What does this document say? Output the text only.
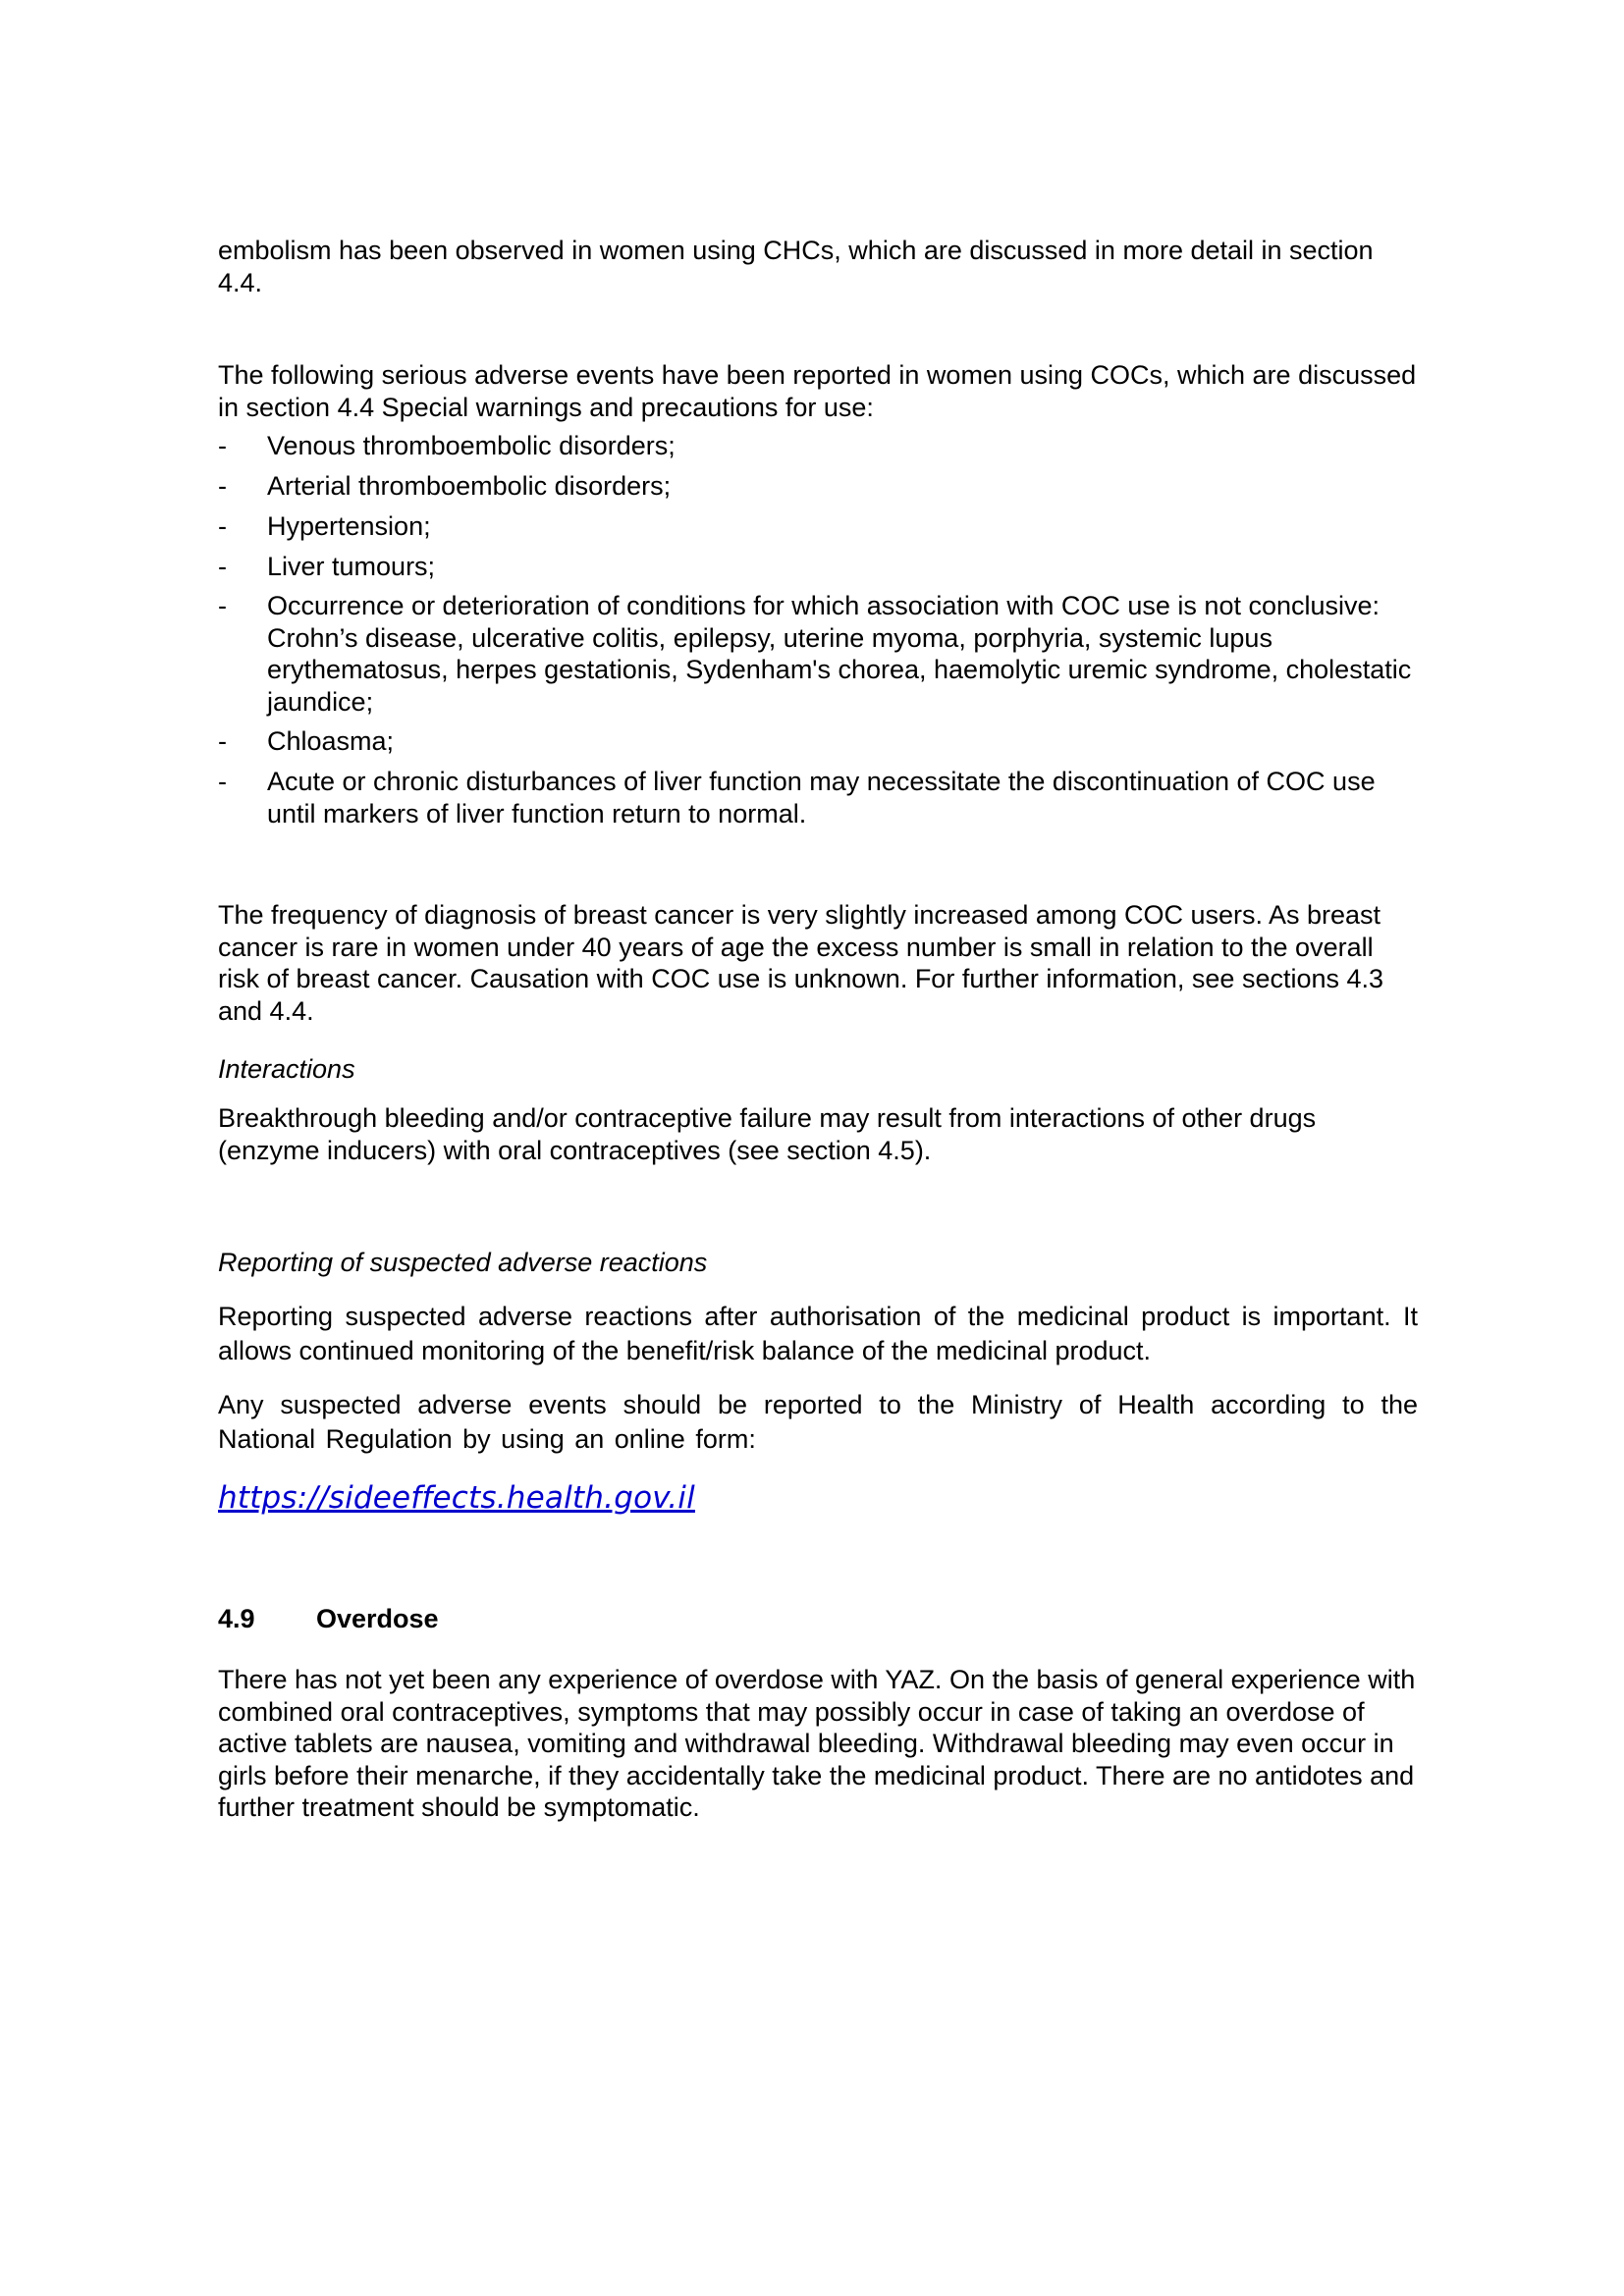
embolism has been observed in women using CHCs, which are discussed in more detail in section 4.4.

The following serious adverse events have been reported in women using COCs, which are discussed in section 4.4 Special warnings and precautions for use:

-	Venous thromboembolic disorders;
-	Arterial thromboembolic disorders;
-	Hypertension;
-	Liver tumours;
-	Occurrence or deterioration of conditions for which association with COC use is not conclusive: Crohn’s disease, ulcerative colitis, epilepsy, uterine myoma, porphyria, systemic lupus erythematosus, herpes gestationis, Sydenham's chorea, haemolytic uremic syndrome, cholestatic jaundice;
-	Chloasma;
-	Acute or chronic disturbances of liver function may necessitate the discontinuation of COC use until markers of liver function return to normal.

The frequency of diagnosis of breast cancer is very slightly increased among COC users. As breast cancer is rare in women under 40 years of age the excess number is small in relation to the overall risk of breast cancer. Causation with COC use is unknown. For further information, see sections 4.3 and 4.4.

Interactions

Breakthrough bleeding and/or contraceptive failure may result from interactions of other drugs (enzyme inducers) with oral contraceptives (see section 4.5).

Reporting of suspected adverse reactions

Reporting suspected adverse reactions after authorisation of the medicinal product is important. It allows continued monitoring of the benefit/risk balance of the medicinal product.

Any suspected adverse events should be reported to the Ministry of Health according to the National Regulation by using an online form:

https://sideeffects.health.gov.il
4.9 Overdose

There has not yet been any experience of overdose with YAZ. On the basis of general experience with combined oral contraceptives, symptoms that may possibly occur in case of taking an overdose of active tablets are nausea, vomiting and withdrawal bleeding. Withdrawal bleeding may even occur in girls before their menarche, if they accidentally take the medicinal product. There are no antidotes and further treatment should be symptomatic.
